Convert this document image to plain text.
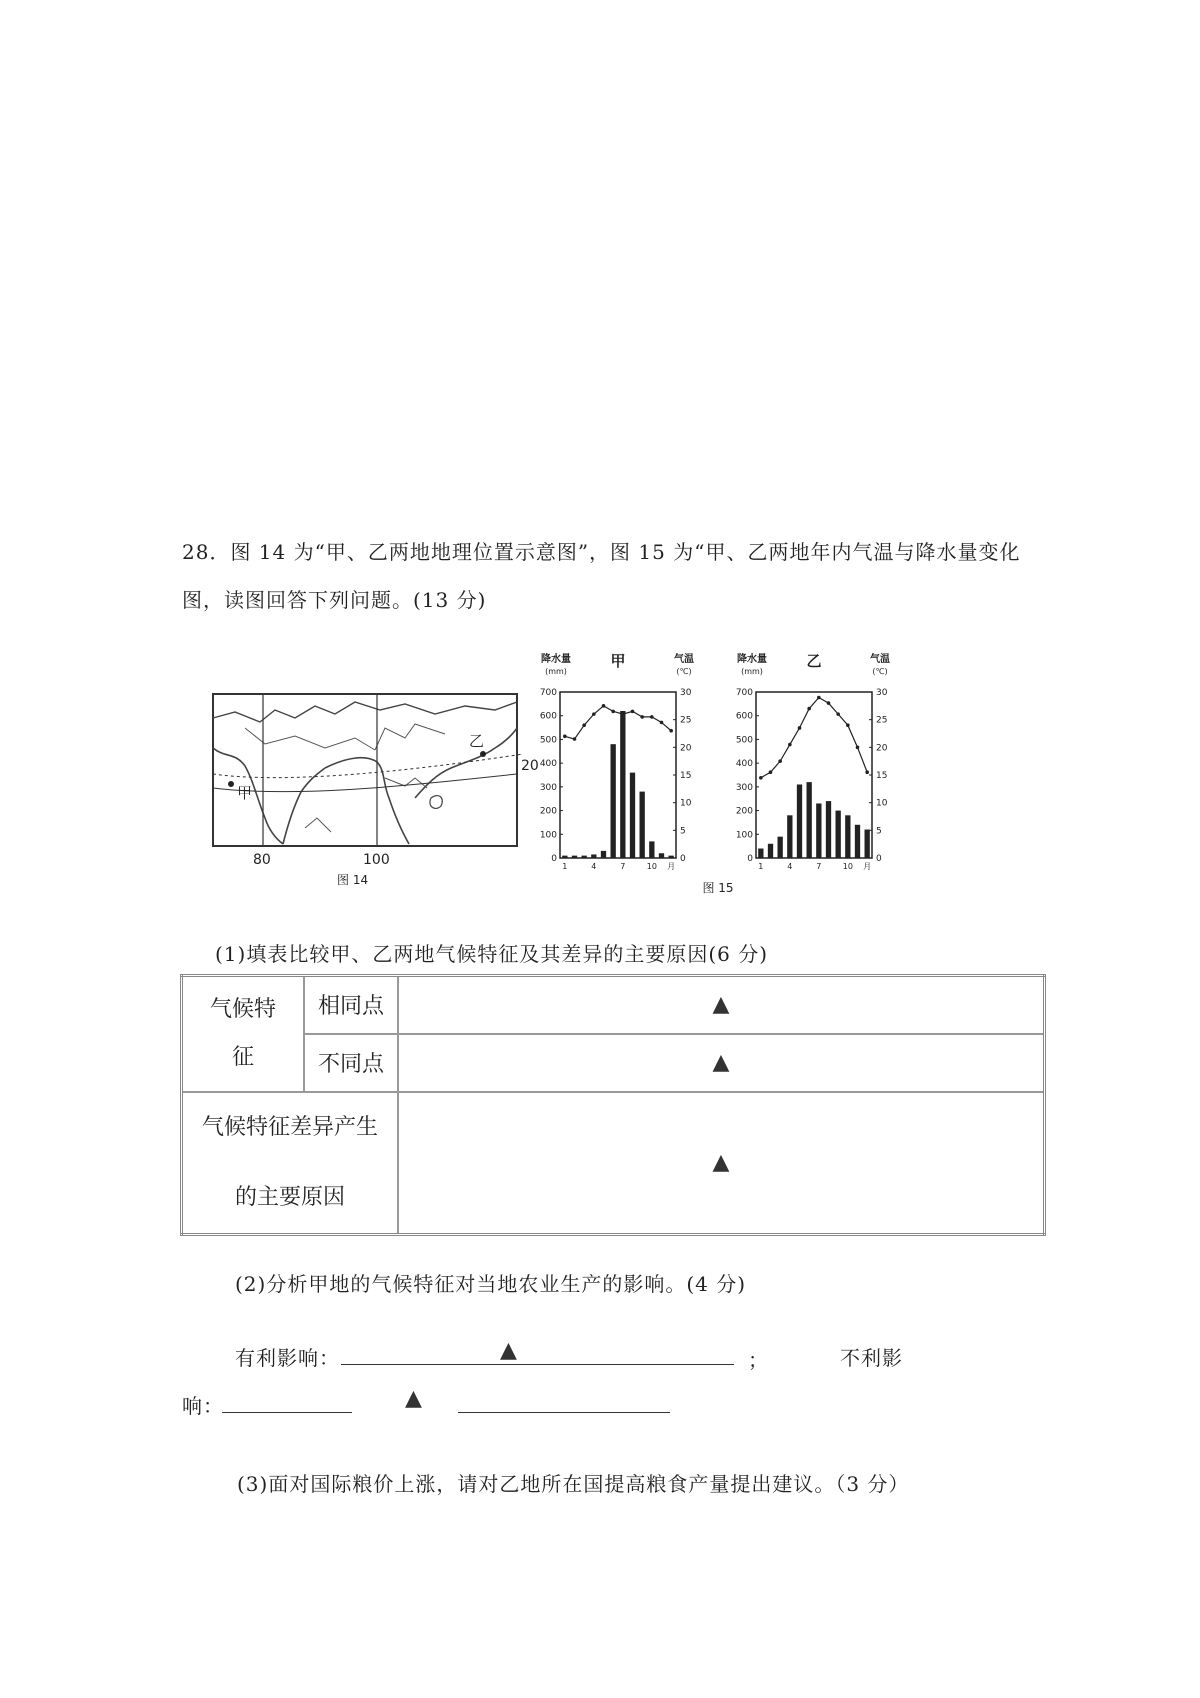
28．图 14 为“甲、乙两地地理位置示意图”，图 15 为“甲、乙两地年内气温与降水量变化
图，读图回答下列问题。(13 分)
甲
乙
20
80	100
图 14
降水量
(mm)
气温
(℃)
甲
0
100
200
300
400
500
600
700
0
5
10
15
20
25
30
1	4	7	10 月
降水量
(mm)
气温
(℃)
乙
0
100
200
300
400
500
600
700
0
5
10
15
20
25
30
1	4	7	10 月
图 15
(1)填表比较甲、乙两地气候特征及其差异的主要原因(6 分)
气候特
征	相同点	▲
	不同点	▲

气候特征差异产生
的主要原因		▲
(2)分析甲地的气候特征对当地农业生产的影响。(4 分)
有利影响：	▲	；	不利影
响：	▲
(3)面对国际粮价上涨，请对乙地所在国提高粮食产量提出建议。（3 分）
